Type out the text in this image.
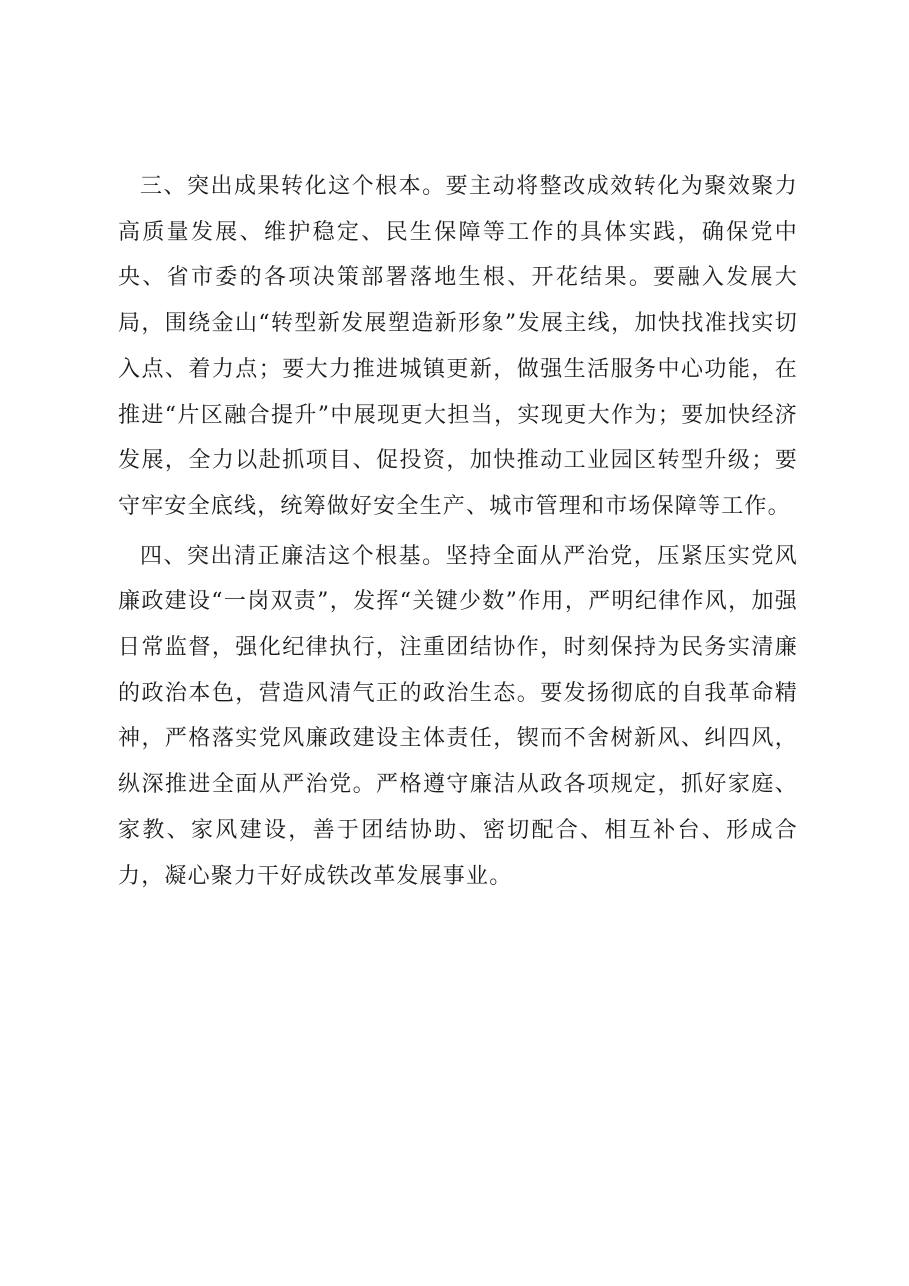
三、突出成果转化这个根本。要主动将整改成效转化为聚效聚力高质量发展、维护稳定、民生保障等工作的具体实践，确保党中央、省市委的各项决策部署落地生根、开花结果。要融入发展大局，围绕金山“转型新发展塑造新形象”发展主线，加快找准找实切入点、着力点；要大力推进城镇更新，做强生活服务中心功能，在推进“片区融合提升”中展现更大担当，实现更大作为；要加快经济发展，全力以赴抓项目、促投资，加快推动工业园区转型升级；要守牢安全底线，统筹做好安全生产、城市管理和市场保障等工作。

四、突出清正廉洁这个根基。坚持全面从严治党，压紧压实党风廉政建设“一岗双责”，发挥“关键少数”作用，严明纪律作风，加强日常监督，强化纪律执行，注重团结协作，时刻保持为民务实清廉的政治本色，营造风清气正的政治生态。要发扬彻底的自我革命精神，严格落实党风廉政建设主体责任，锲而不舍树新风、纠四风，纵深推进全面从严治党。严格遵守廉洁从政各项规定，抓好家庭、家教、家风建设，善于团结协助、密切配合、相互补台、形成合力，凝心聚力干好成铁改革发展事业。
